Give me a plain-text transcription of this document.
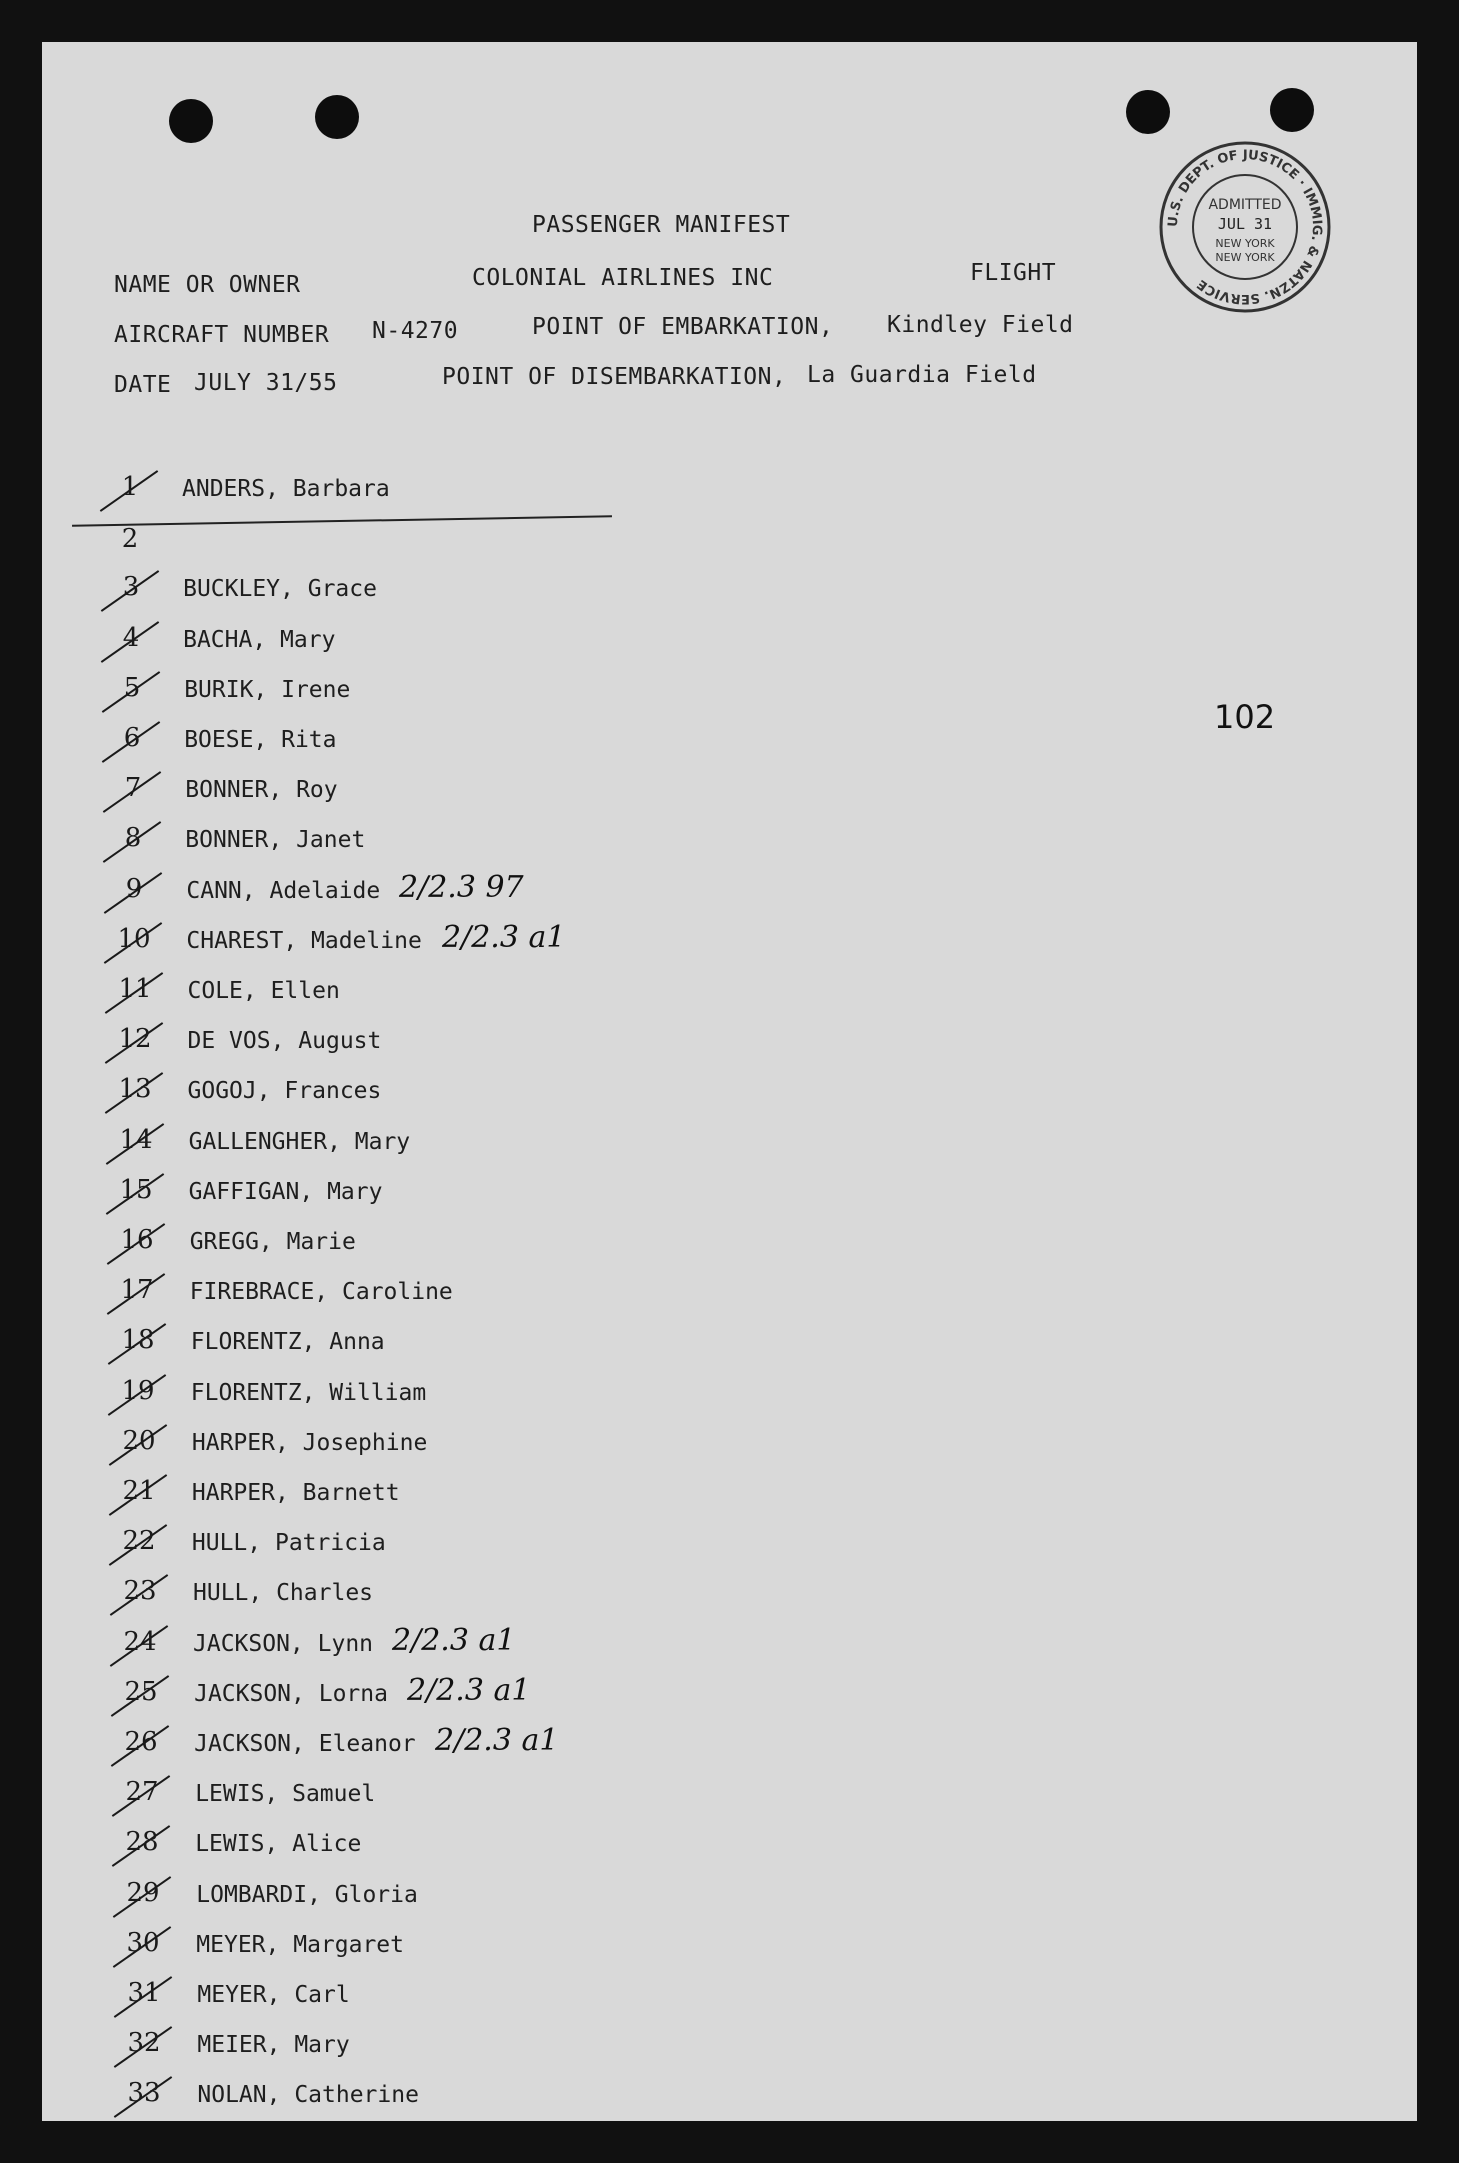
PASSENGER MANIFEST
NAME OR OWNER	COLONIAL AIRLINES INC	FLIGHT
AIRCRAFT NUMBER N-4270	POINT OF EMBARKATION, Kindley Field
DATE JULY 31/55	POINT OF DISEMBARKATION, La Guardia Field
U.S. DEPT. OF JUSTICE · IMMIG. & NATZN. SERVICE
ADMITTED
JUL 31
NEW YORK
NEW YORK
102
1	ANDERS, Barbara
2
3	BUCKLEY, Grace
4	BACHA, Mary
5	BURIK, Irene
6	BOESE, Rita
7	BONNER, Roy
8	BONNER, Janet
9	CANN, Adelaide 2/2.3 97
10	CHAREST, Madeline 2/2.3 a1
11	COLE, Ellen
12	DE VOS, August
13	GOGOJ, Frances
14	GALLENGHER, Mary
15	GAFFIGAN, Mary
16	GREGG, Marie
17	FIREBRACE, Caroline
18	FLORENTZ, Anna
19	FLORENTZ, William
20	HARPER, Josephine
21	HARPER, Barnett
22	HULL, Patricia
23	HULL, Charles
24	JACKSON, Lynn 2/2.3 a1
25	JACKSON, Lorna 2/2.3 a1
26	JACKSON, Eleanor 2/2.3 a1
27	LEWIS, Samuel
28	LEWIS, Alice
29	LOMBARDI, Gloria
30	MEYER, Margaret
31	MEYER, Carl
32	MEIER, Mary
33	NOLAN, Catherine
